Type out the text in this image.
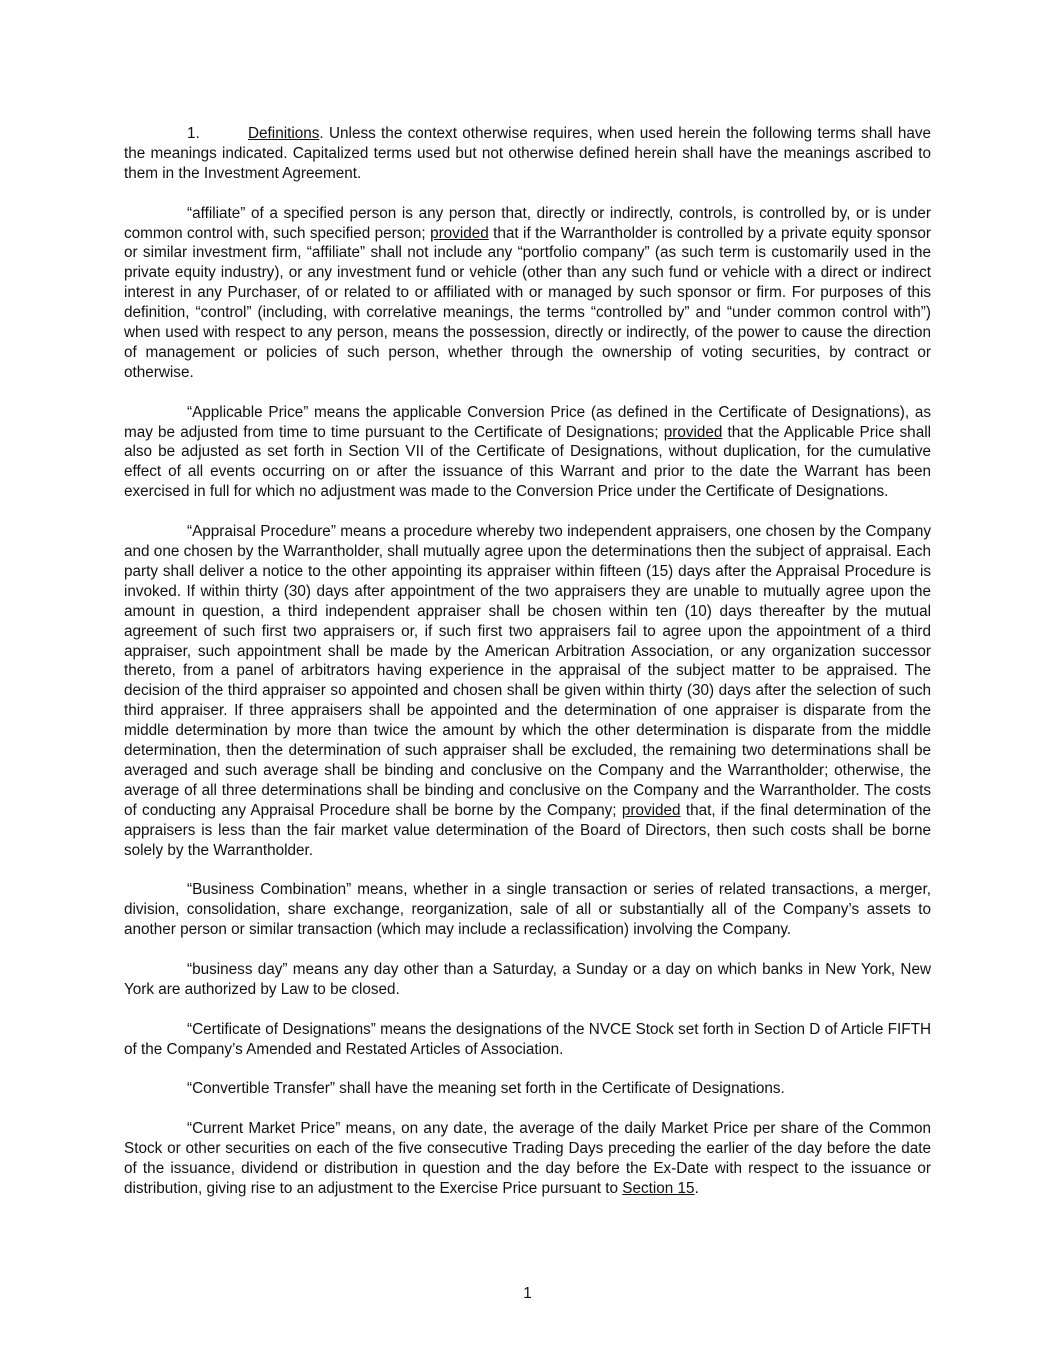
1.	Definitions. Unless the context otherwise requires, when used herein the following terms shall have the meanings indicated. Capitalized terms used but not otherwise defined herein shall have the meanings ascribed to them in the Investment Agreement.

“affiliate” of a specified person is any person that, directly or indirectly, controls, is controlled by, or is under common control with, such specified person; provided that if the Warrantholder is controlled by a private equity sponsor or similar investment firm, “affiliate” shall not include any “portfolio company” (as such term is customarily used in the private equity industry), or any investment fund or vehicle (other than any such fund or vehicle with a direct or indirect interest in any Purchaser, of or related to or affiliated with or managed by such sponsor or firm. For purposes of this definition, “control” (including, with correlative meanings, the terms “controlled by” and “under common control with”) when used with respect to any person, means the possession, directly or indirectly, of the power to cause the direction of management or policies of such person, whether through the ownership of voting securities, by contract or otherwise.

“Applicable Price” means the applicable Conversion Price (as defined in the Certificate of Designations), as may be adjusted from time to time pursuant to the Certificate of Designations; provided that the Applicable Price shall also be adjusted as set forth in Section VII of the Certificate of Designations, without duplication, for the cumulative effect of all events occurring on or after the issuance of this Warrant and prior to the date the Warrant has been exercised in full for which no adjustment was made to the Conversion Price under the Certificate of Designations.

“Appraisal Procedure” means a procedure whereby two independent appraisers, one chosen by the Company and one chosen by the Warrantholder, shall mutually agree upon the determinations then the subject of appraisal. Each party shall deliver a notice to the other appointing its appraiser within fifteen (15) days after the Appraisal Procedure is invoked. If within thirty (30) days after appointment of the two appraisers they are unable to mutually agree upon the amount in question, a third independent appraiser shall be chosen within ten (10) days thereafter by the mutual agreement of such first two appraisers or, if such first two appraisers fail to agree upon the appointment of a third appraiser, such appointment shall be made by the American Arbitration Association, or any organization successor thereto, from a panel of arbitrators having experience in the appraisal of the subject matter to be appraised. The decision of the third appraiser so appointed and chosen shall be given within thirty (30) days after the selection of such third appraiser. If three appraisers shall be appointed and the determination of one appraiser is disparate from the middle determination by more than twice the amount by which the other determination is disparate from the middle determination, then the determination of such appraiser shall be excluded, the remaining two determinations shall be averaged and such average shall be binding and conclusive on the Company and the Warrantholder; otherwise, the average of all three determinations shall be binding and conclusive on the Company and the Warrantholder. The costs of conducting any Appraisal Procedure shall be borne by the Company; provided that, if the final determination of the appraisers is less than the fair market value determination of the Board of Directors, then such costs shall be borne solely by the Warrantholder.

“Business Combination” means, whether in a single transaction or series of related transactions, a merger, division, consolidation, share exchange, reorganization, sale of all or substantially all of the Company’s assets to another person or similar transaction (which may include a reclassification) involving the Company.

“business day” means any day other than a Saturday, a Sunday or a day on which banks in New York, New York are authorized by Law to be closed.

“Certificate of Designations” means the designations of the NVCE Stock set forth in Section D of Article FIFTH of the Company’s Amended and Restated Articles of Association.

“Convertible Transfer” shall have the meaning set forth in the Certificate of Designations.

“Current Market Price” means, on any date, the average of the daily Market Price per share of the Common Stock or other securities on each of the five consecutive Trading Days preceding the earlier of the day before the date of the issuance, dividend or distribution in question and the day before the Ex-Date with respect to the issuance or distribution, giving rise to an adjustment to the Exercise Price pursuant to Section 15.

1
